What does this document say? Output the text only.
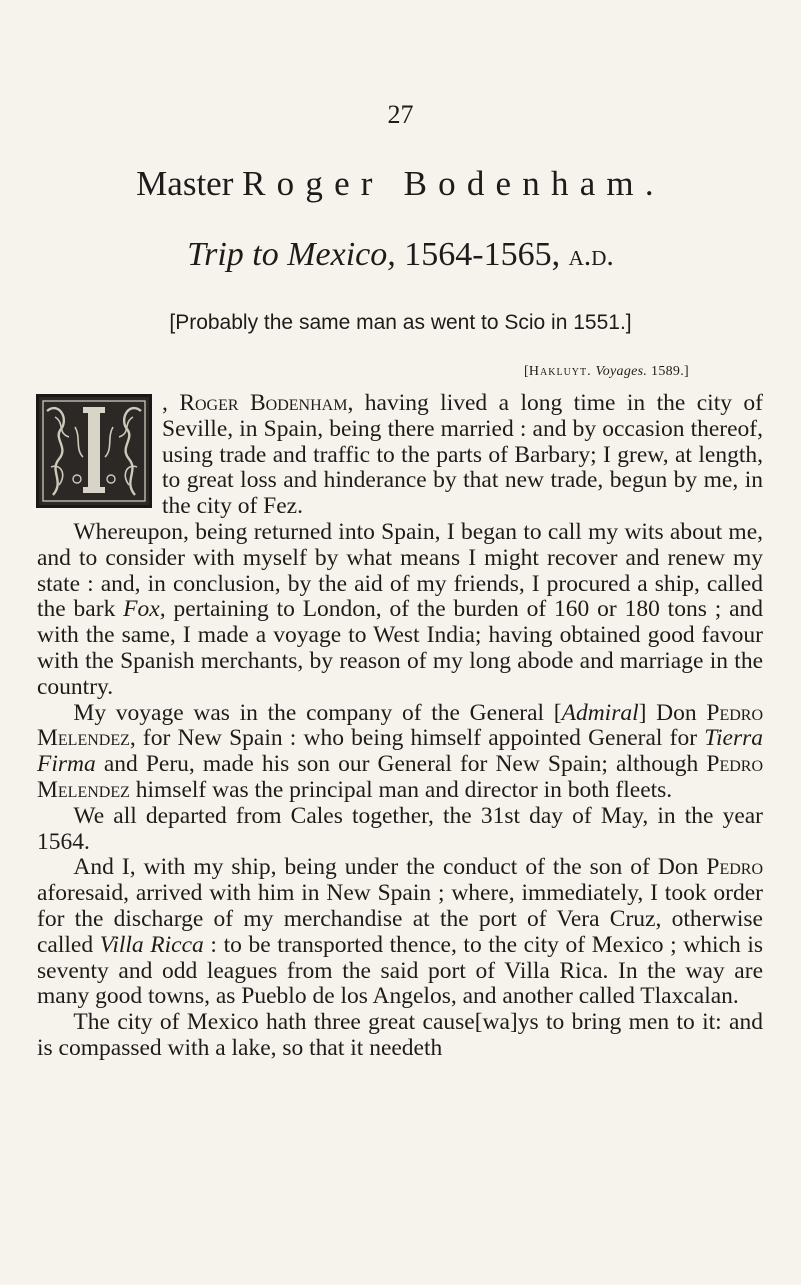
27
Master Roger Bodenham.
Trip to Mexico, 1564-1565, a.d.
[Probably the same man as went to Scio in 1551.]
[Hakluyt. Voyages. 1589.]

, Roger Bodenham, having lived a long time in the city of Seville, in Spain, being there married : and by occasion thereof, using trade and traffic to the parts of Barbary; I grew, at length, to great loss and hinderance by that new trade, begun by me, in the city of Fez.

Whereupon, being returned into Spain, I began to call my wits about me, and to consider with myself by what means I might recover and renew my state : and, in conclusion, by the aid of my friends, I procured a ship, called the bark Fox, pertaining to London, of the burden of 160 or 180 tons ; and with the same, I made a voyage to West India; having obtained good favour with the Spanish merchants, by reason of my long abode and marriage in the country.

My voyage was in the company of the General [Admiral] Don Pedro Melendez, for New Spain : who being himself appointed General for Tierra Firma and Peru, made his son our General for New Spain; although Pedro Melendez himself was the principal man and director in both fleets.

We all departed from Cales together, the 31st day of May, in the year 1564.

And I, with my ship, being under the conduct of the son of Don Pedro aforesaid, arrived with him in New Spain ; where, immediately, I took order for the discharge of my merchandise at the port of Vera Cruz, otherwise called Villa Ricca : to be transported thence, to the city of Mexico ; which is seventy and odd leagues from the said port of Villa Rica. In the way are many good towns, as Pueblo de los Angelos, and another called Tlaxcalan.

The city of Mexico hath three great cause[wa]ys to bring men to it: and is compassed with a lake, so that it needeth
